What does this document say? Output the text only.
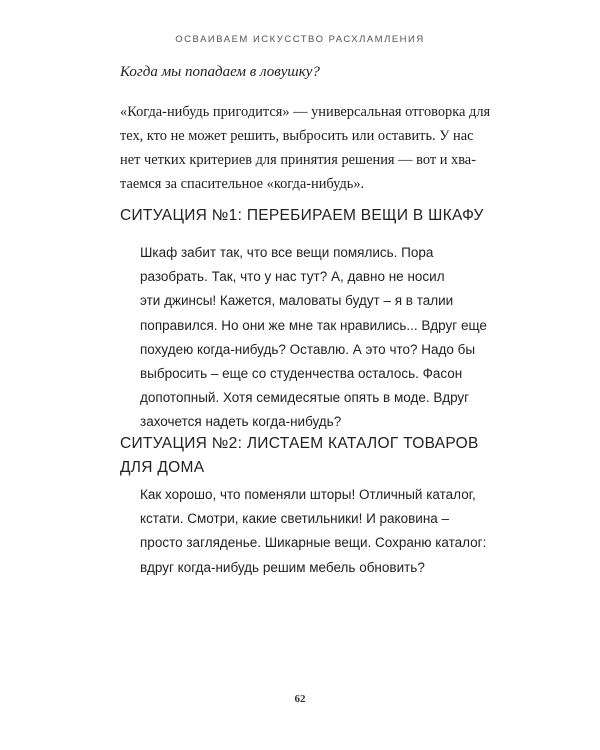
ОСВАИВАЕМ ИСКУССТВО РАСХЛАМЛЕНИЯ
Когда мы попадаем в ловушку?
«Когда-нибудь пригодится» — универсальная отговорка для
тех, кто не может решить, выбросить или оставить. У нас
нет четких критериев для принятия решения — вот и хва-
таемся за спасительное «когда-нибудь».
СИТУАЦИЯ №1: ПЕРЕБИРАЕМ ВЕЩИ В ШКАФУ
Шкаф забит так, что все вещи помялись. Пора
разобрать. Так, что у нас тут? А, давно не носил
эти джинсы! Кажется, маловаты будут – я в талии
поправился. Но они же мне так нравились... Вдруг еще
похудею когда-нибудь? Оставлю. А это что? Надо бы
выбросить – еще со студенчества осталось. Фасон
допотопный. Хотя семидесятые опять в моде. Вдруг
захочется надеть когда-нибудь?
СИТУАЦИЯ №2: ЛИСТАЕМ КАТАЛОГ ТОВАРОВ
ДЛЯ ДОМА
Как хорошо, что поменяли шторы! Отличный каталог,
кстати. Смотри, какие светильники! И раковина –
просто загляденье. Шикарные вещи. Сохраню каталог:
вдруг когда-нибудь решим мебель обновить?
62
